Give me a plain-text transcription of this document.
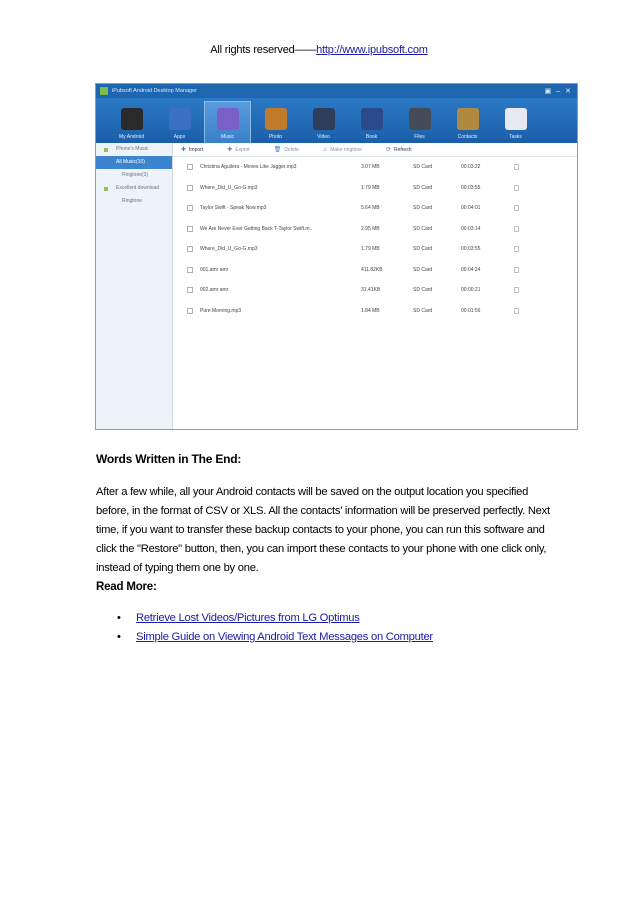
All rights reserved——http://www.ipubsoft.com
iPubsoft Android Desktop Manager	▣ – ✕
My Android	Apps	Music	Photo	Video	Book	Files	Contacts	Tasks
Phone's Music
All Music(10)
Ringtone(3)
Excellent download
Ringtone
✚ Import	✚ Export	🗑 Delete	♫ Make ringtone	⟳ Refresh
Christina Aguilera - Moves Like Jagger.mp3	3.07 MB	SD Card	00:03:22
Where_Did_U_Go-G.mp3	1.79 MB	SD Card	00:03:55
Taylor Swift - Speak Now.mp3	5.64 MB	SD Card	00:04:01
We Are Never Ever Getting Back T-Taylor Swift.m..	2.95 MB	SD Card	00:03:14
Where_Did_U_Go-G.mp3	1.79 MB	SD Card	00:03:55
001.amr amr	411.82KB	SD Card	00:04:24
002.amr amr	31.41KB	SD Card	00:00:21
Pure Morning.mp3	1.84 MB	SD Card	00:01:56
Words Written in The End:

After a few while, all your Android contacts will be saved on the output location you specified before, in the format of CSV or XLS. All the contacts' information will be preserved perfectly. Next time, if you want to transfer these backup contacts to your phone, you can run this software and click the "Restore" button, then, you can import these contacts to your phone with one click only, instead of typing them one by one.

Read More:
• Retrieve Lost Videos/Pictures from LG Optimus
• Simple Guide on Viewing Android Text Messages on Computer
